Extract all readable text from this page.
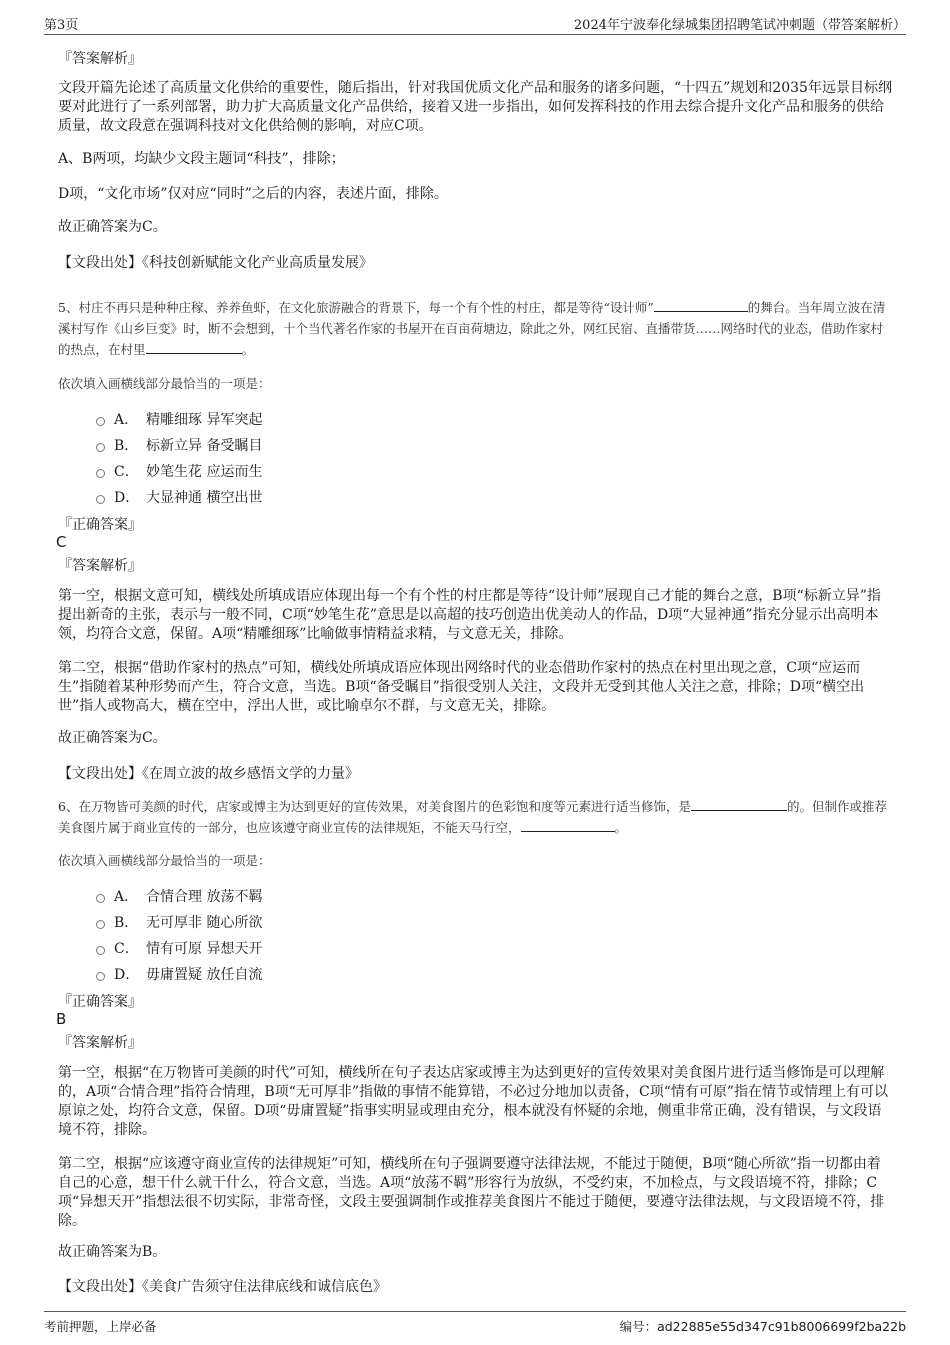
第3页	2024年宁波奉化绿城集团招聘笔试冲刺题（带答案解析）
『答案解析』
文段开篇先论述了高质量文化供给的重要性，随后指出，针对我国优质文化产品和服务的诸多问题，“十四五”规划和2035年远景目标纲要对此进行了一系列部署，助力扩大高质量文化产品供给，接着又进一步指出，如何发挥科技的作用去综合提升文化产品和服务的供给质量，故文段意在强调科技对文化供给侧的影响，对应C项。
A、B两项，均缺少文段主题词“科技”，排除；
D项，“文化市场”仅对应“同时”之后的内容，表述片面，排除。
故正确答案为C。
【文段出处】《科技创新赋能文化产业高质量发展》
5、村庄不再只是种种庄稼、养养鱼虾，在文化旅游融合的背景下，每一个有个性的村庄，都是等待“设计师”	的舞台。当年周立波在清溪村写作《山乡巨变》时，断不会想到，十个当代著名作家的书屋开在百亩荷塘边，除此之外，网红民宿、直播带货……网络时代的业态，借助作家村的热点，在村里	。
依次填入画横线部分最恰当的一项是：
A． 精雕细琢 异军突起
B． 标新立异 备受瞩目
C． 妙笔生花 应运而生
D． 大显神通 横空出世
『正确答案』
C
『答案解析』
第一空，根据文意可知，横线处所填成语应体现出每一个有个性的村庄都是等待“设计师”展现自己才能的舞台之意，B项“标新立异”指提出新奇的主张，表示与一般不同，C项“妙笔生花”意思是以高超的技巧创造出优美动人的作品，D项“大显神通”指充分显示出高明本领，均符合文意，保留。A项“精雕细琢”比喻做事情精益求精，与文意无关，排除。
第二空，根据“借助作家村的热点”可知，横线处所填成语应体现出网络时代的业态借助作家村的热点在村里出现之意，C项“应运而生”指随着某种形势而产生，符合文意，当选。B项“备受瞩目”指很受别人关注，文段并无受到其他人关注之意，排除；D项“横空出世”指人或物高大，横在空中，浮出人世，或比喻卓尔不群，与文意无关，排除。
故正确答案为C。
【文段出处】《在周立波的故乡感悟文学的力量》
6、在万物皆可美颜的时代，店家或博主为达到更好的宣传效果，对美食图片的色彩饱和度等元素进行适当修饰，是	的。但制作或推荐美食图片属于商业宣传的一部分，也应该遵守商业宣传的法律规矩，不能天马行空，	。
依次填入画横线部分最恰当的一项是：
A． 合情合理 放荡不羁
B． 无可厚非 随心所欲
C． 情有可原 异想天开
D． 毋庸置疑 放任自流
『正确答案』
B
『答案解析』
第一空，根据“在万物皆可美颜的时代”可知，横线所在句子表达店家或博主为达到更好的宣传效果对美食图片进行适当修饰是可以理解的，A项“合情合理”指符合情理，B项“无可厚非”指做的事情不能算错，不必过分地加以责备，C项“情有可原”指在情节或情理上有可以原谅之处，均符合文意，保留。D项“毋庸置疑”指事实明显或理由充分，根本就没有怀疑的余地，侧重非常正确，没有错误，与文段语境不符，排除。
第二空，根据“应该遵守商业宣传的法律规矩”可知，横线所在句子强调要遵守法律法规，不能过于随便，B项“随心所欲”指一切都由着自己的心意，想干什么就干什么，符合文意，当选。A项“放荡不羁”形容行为放纵，不受约束，不加检点，与文段语境不符，排除；C项“异想天开”指想法很不切实际，非常奇怪，文段主要强调制作或推荐美食图片不能过于随便，要遵守法律法规，与文段语境不符，排除。
故正确答案为B。
【文段出处】《美食广告须守住法律底线和诚信底色》
考前押题，上岸必备	编号：ad22885e55d347c91b8006699f2ba22b
